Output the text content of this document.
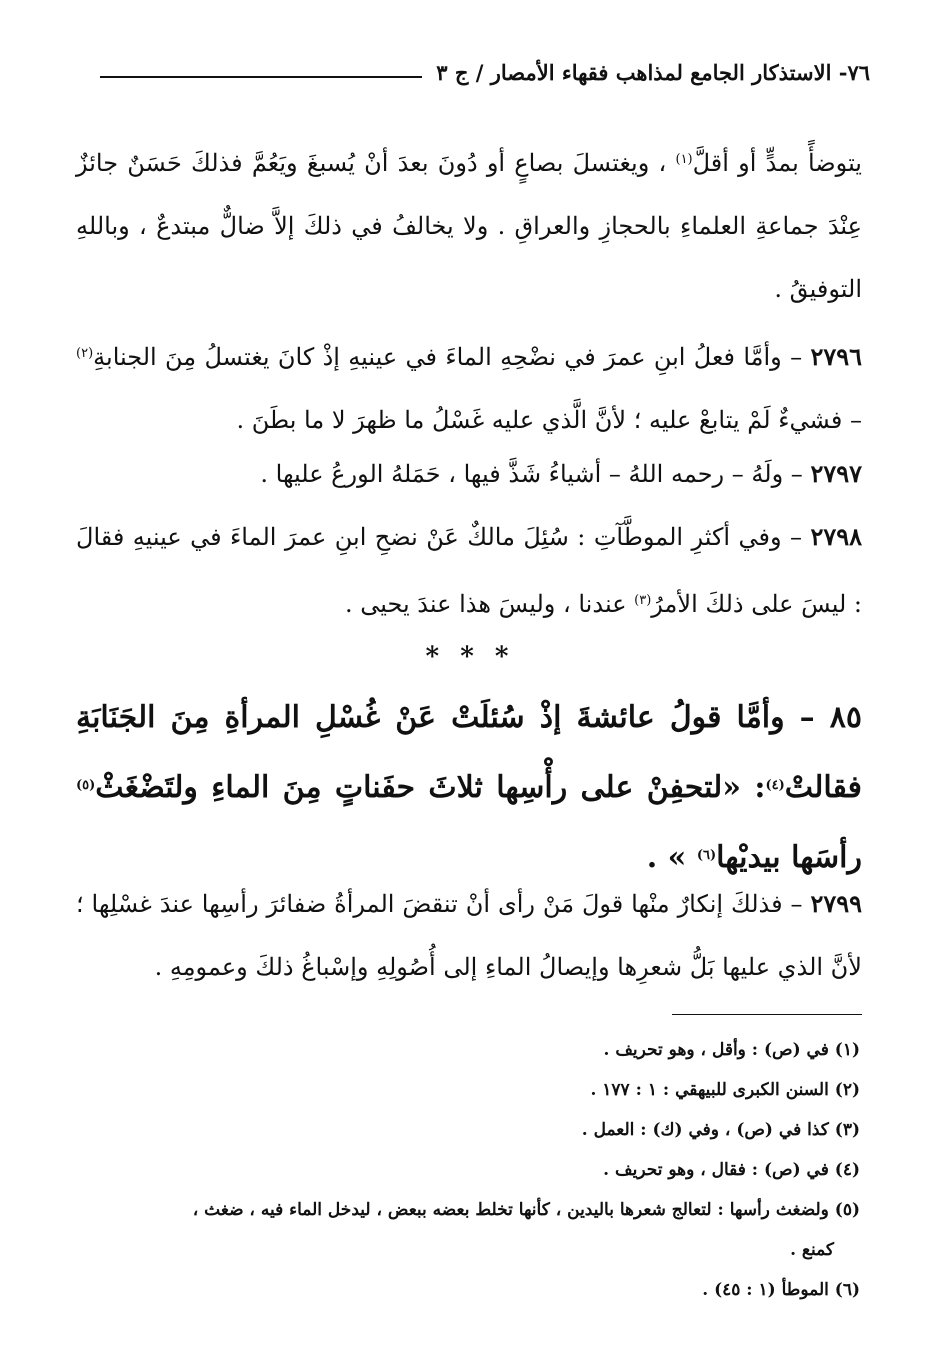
٧٦- الاستذكار الجامع لمذاهب فقهاء الأمصار / ج ٣
يتوضأً بمدٍّ أو أقلَّ$^{(١)}$ ، ويغتسلَ بصاعٍ أو دُونَ بعدَ أنْ يُسبغَ ويَعُمَّ فذلكَ حَسَنٌ جائزٌ عِنْدَ جماعةِ العلماءِ بالحجازِ والعراقِ . ولا يخالفُ في ذلكَ إلاَّ ضالٌّ مبتدعٌ ، وباللهِ التوفيقُ .
٢٧٩٦ – وأمَّا فعلُ ابنِ عمرَ في نضْحِهِ الماءَ في عينيهِ إذْ كانَ يغتسلُ مِنَ الجنابةِ$^{(٢)}$ – فشيءٌ لَمْ يتابعْ عليه ؛ لأنَّ الَّذي عليه غَسْلُ ما ظهرَ لا ما بطَنَ .
٢٧٩٧ – ولَهُ – رحمه اللهُ – أشياءُ شَذَّ فيها ، حَمَلهُ الورعُ عليها .
٢٧٩٨ – وفي أكثرِ الموطَّآتِ : سُئِلَ مالكٌ عَنْ نضحِ ابنِ عمرَ الماءَ في عينيهِ فقالَ : ليسَ على ذلكَ الأمرُ$^{(٣)}$ عندنا ، وليسَ هذا عندَ يحيى .
* * *
٨٥ – وأمَّا قولُ عائشةَ إذْ سُئلَتْ عَنْ غُسْلِ المرأةِ مِنَ الجَنَابَةِ فقالتْ$^{(٤)}$: «لتحفِنْ على رأْسِها ثلاثَ حفَناتٍ مِنَ الماءِ ولتَضْغَثْ$^{(٥)}$ رأسَها بيديْها$^{(٦)}$ » .
٢٧٩٩ – فذلكَ إنكارٌ منْها قولَ مَنْ رأى أنْ تنقضَ المرأةُ ضفائرَ رأسِها عندَ غسْلِها ؛ لأنَّ الذي عليها بَلُّ شعرِها وإيصالُ الماءِ إلى أُصُولِهِ وإسْباغُ ذلكَ وعمومِهِ .
(١) في (ص) : وأقل ، وهو تحريف .
(٢) السنن الكبرى للبيهقي : ١ : ١٧٧ .
(٣) كذا في (ص) ، وفي (ك) : العمل .
(٤) في (ص) : فقال ، وهو تحريف .
(٥) ولضغث رأسها : لتعالج شعرها باليدين ، كأنها تخلط بعضه ببعض ، ليدخل الماء فيه ، ضغث ،
كمنع .
(٦) الموطأ (١ : ٤٥) .
